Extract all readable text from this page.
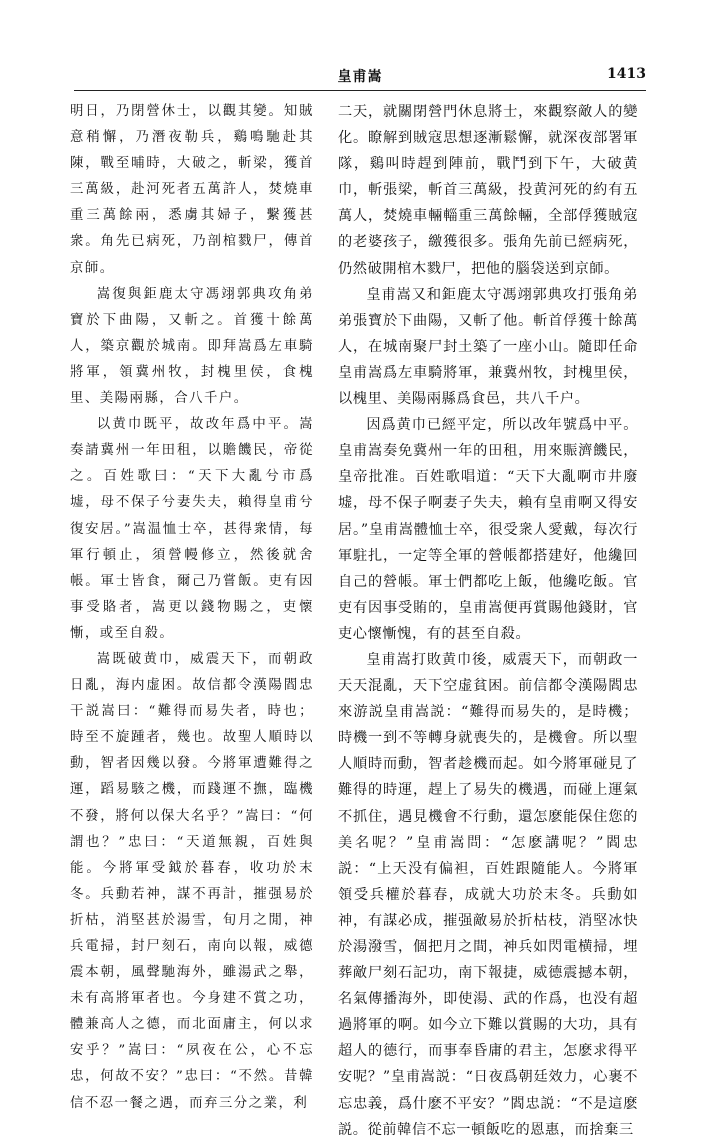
皇甫嵩	1413

明日，乃閉營休士，以觀其變。知賊意稍懈，乃潛夜勒兵，鷄鳴馳赴其陳，戰至晡時，大破之，斬梁，獲首三萬級，赴河死者五萬許人，焚燒車重三萬餘兩，悉虜其婦子，繫獲甚衆。角先已病死，乃剖棺戮尸，傳首京師。

嵩復與鉅鹿太守馮翊郭典攻角弟寶於下曲陽，又斬之。首獲十餘萬人，築京觀於城南。即拜嵩爲左車騎將軍，領冀州牧，封槐里侯，食槐里、美陽兩縣，合八千户。

以黄巾既平，故改年爲中平。嵩奏請冀州一年田租，以贍饑民，帝從之。百姓歌曰：“天下大亂兮市爲墟，母不保子兮妻失夫，賴得皇甫兮復安居。”嵩温恤士卒，甚得衆情，每軍行頓止，須營幔修立，然後就舍帳。軍士皆食，爾己乃嘗飯。吏有因事受賂者，嵩更以錢物賜之，吏懷慚，或至自殺。

嵩既破黄巾，威震天下，而朝政日亂，海内虚困。故信都令漢陽閻忠干説嵩曰：“難得而易失者，時也；時至不旋踵者，幾也。故聖人順時以動，智者因幾以發。今將軍遭難得之運，蹈易駭之機，而踐運不撫，臨機不發，將何以保大名乎？”嵩曰：“何謂也？”忠曰：“天道無親，百姓與能。今將軍受鉞於暮春，收功於末冬。兵動若神，謀不再計，摧强易於折枯，消堅甚於湯雪，旬月之閒，神兵電掃，封尸刻石，南向以報，威德震本朝，風聲馳海外，雖湯武之舉，未有高將軍者也。今身建不賞之功，體兼高人之德，而北面庸主，何以求安乎？”嵩曰：“夙夜在公，心不忘忠，何故不安？”忠曰：“不然。昔韓信不忍一餐之遇，而弃三分之業，利

二天，就關閉營門休息將士，來觀察敵人的變化。瞭解到賊寇思想逐漸鬆懈，就深夜部署軍隊，鷄叫時趕到陣前，戰鬥到下午，大破黄巾，斬張梁，斬首三萬級，投黄河死的約有五萬人，焚燒車輛輜重三萬餘輛，全部俘獲賊寇的老婆孩子，繳獲很多。張角先前已經病死，仍然破開棺木戮尸，把他的腦袋送到京師。

皇甫嵩又和鉅鹿太守馮翊郭典攻打張角弟弟張寶於下曲陽，又斬了他。斬首俘獲十餘萬人，在城南聚尸封土築了一座小山。隨即任命皇甫嵩爲左車騎將軍，兼冀州牧，封槐里侯，以槐里、美陽兩縣爲食邑，共八千户。

因爲黄巾已經平定，所以改年號爲中平。皇甫嵩奏免冀州一年的田租，用來賑濟饑民，皇帝批准。百姓歌唱道：“天下大亂啊市井廢墟，母不保子啊妻子失夫，賴有皇甫啊又得安居。”皇甫嵩體恤士卒，很受衆人愛戴，每次行軍駐扎，一定等全軍的營帳都搭建好，他纔回自己的營帳。軍士們都吃上飯，他纔吃飯。官吏有因事受賄的，皇甫嵩便再賞賜他錢財，官吏心懷慚愧，有的甚至自殺。

皇甫嵩打敗黄巾後，威震天下，而朝政一天天混亂，天下空虚貧困。前信都令漢陽閻忠來游説皇甫嵩説：“難得而易失的，是時機；時機一到不等轉身就喪失的，是機會。所以聖人順時而動，智者趁機而起。如今將軍碰見了難得的時運，趕上了易失的機遇，而碰上運氣不抓住，遇見機會不行動，還怎麽能保住您的美名呢？”皇甫嵩問：“怎麽講呢？”閻忠説：“上天没有偏袒，百姓跟隨能人。今將軍領受兵權於暮春，成就大功於末冬。兵動如神，有謀必成，摧强敵易於折枯枝，消堅冰快於湯潑雪，個把月之間，神兵如閃電横掃，埋葬敵尸刻石記功，南下報捷，威德震撼本朝，名氣傳播海外，即使湯、武的作爲，也没有超過將軍的啊。如今立下難以賞賜的大功，具有超人的德行，而事奉昏庸的君主，怎麽求得平安呢？”皇甫嵩説：“日夜爲朝廷效力，心裹不忘忠義，爲什麽不平安？”閻忠説：“不是這麽説。從前韓信不忘一頓飯吃的恩惠，而捨棄三
